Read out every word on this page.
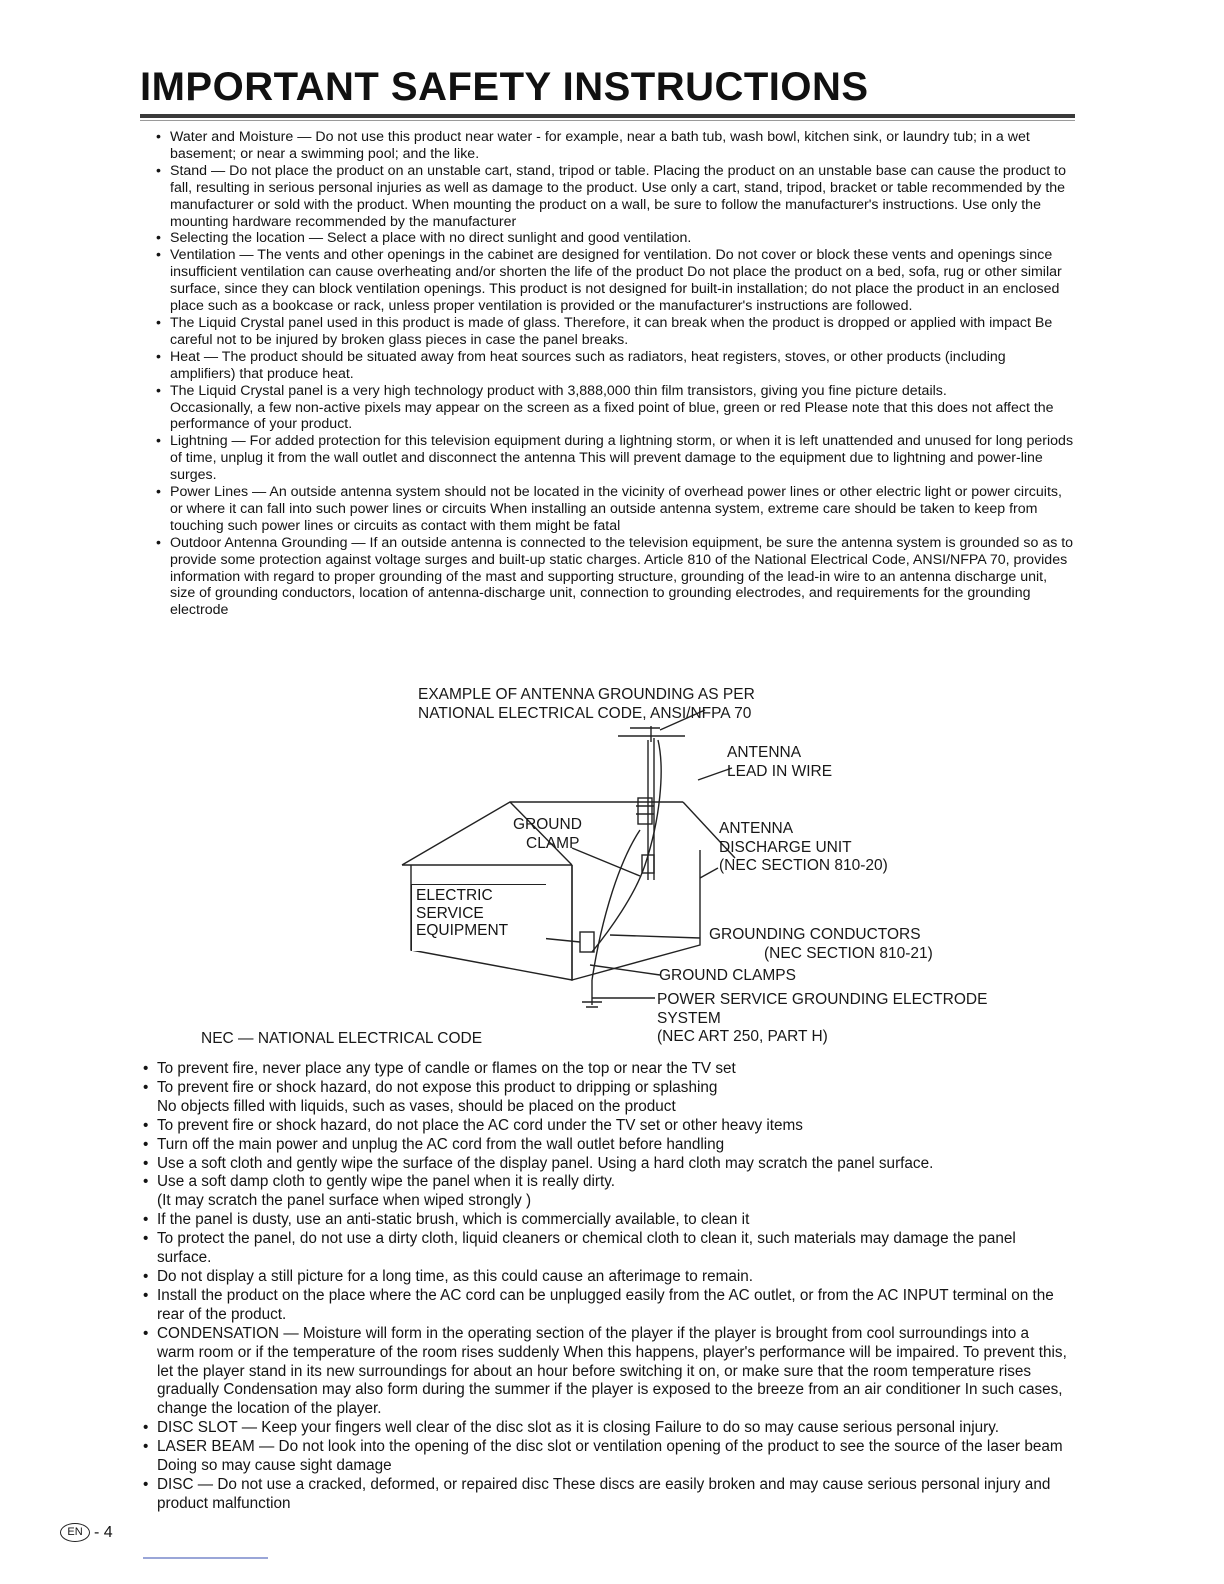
IMPORTANT SAFETY INSTRUCTIONS
• Water and Moisture — Do not use this product near water - for example, near a bath tub, wash bowl, kitchen sink, or laundry tub; in a wet basement; or near a swimming pool; and the like.
• Stand — Do not place the product on an unstable cart, stand, tripod or table. Placing the product on an unstable base can cause the product to fall, resulting in serious personal injuries as well as damage to the product. Use only a cart, stand, tripod, bracket or table recommended by the manufacturer or sold with the product. When mounting the product on a wall, be sure to follow the manufacturer's instructions. Use only the mounting hardware recommended by the manufacturer
• Selecting the location — Select a place with no direct sunlight and good ventilation.
• Ventilation — The vents and other openings in the cabinet are designed for ventilation. Do not cover or block these vents and openings since insufficient ventilation can cause overheating and/or shorten the life of the product Do not place the product on a bed, sofa, rug or other similar surface, since they can block ventilation openings. This product is not designed for built-in installation; do not place the product in an enclosed place such as a bookcase or rack, unless proper ventilation is provided or the manufacturer's instructions are followed.
• The Liquid Crystal panel used in this product is made of glass. Therefore, it can break when the product is dropped or applied with impact Be careful not to be injured by broken glass pieces in case the panel breaks.
• Heat — The product should be situated away from heat sources such as radiators, heat registers, stoves, or other products (including amplifiers) that produce heat.
• The Liquid Crystal panel is a very high technology product with 3,888,000 thin film transistors, giving you fine picture details.
Occasionally, a few non-active pixels may appear on the screen as a fixed point of blue, green or red Please note that this does not affect the performance of your product.
• Lightning — For added protection for this television equipment during a lightning storm, or when it is left unattended and unused for long periods of time, unplug it from the wall outlet and disconnect the antenna This will prevent damage to the equipment due to lightning and power-line surges.
• Power Lines — An outside antenna system should not be located in the vicinity of overhead power lines or other electric light or power circuits, or where it can fall into such power lines or circuits When installing an outside antenna system, extreme care should be taken to keep from touching such power lines or circuits as contact with them might be fatal
• Outdoor Antenna Grounding — If an outside antenna is connected to the television equipment, be sure the antenna system is grounded so as to provide some protection against voltage surges and built-up static charges. Article 810 of the National Electrical Code, ANSI/NFPA 70, provides information with regard to proper grounding of the mast and supporting structure, grounding of the lead-in wire to an antenna discharge unit, size of grounding conductors, location of antenna-discharge unit, connection to grounding electrodes, and requirements for the grounding electrode
EXAMPLE OF ANTENNA GROUNDING AS PER
NATIONAL ELECTRICAL CODE, ANSI/NFPA 70
ANTENNA
LEAD IN WIRE
GROUND
CLAMP
ANTENNA
DISCHARGE UNIT
(NEC SECTION 810-20)
ELECTRIC
SERVICE
EQUIPMENT	GROUNDING CONDUCTORS
(NEC SECTION 810-21)
GROUND CLAMPS
POWER SERVICE GROUNDING ELECTRODE
SYSTEM
(NEC ART 250, PART H)
NEC — NATIONAL ELECTRICAL CODE
• To prevent fire, never place any type of candle or flames on the top or near the TV set
• To prevent fire or shock hazard, do not expose this product to dripping or splashing
No objects filled with liquids, such as vases, should be placed on the product
• To prevent fire or shock hazard, do not place the AC cord under the TV set or other heavy items
• Turn off the main power and unplug the AC cord from the wall outlet before handling
• Use a soft cloth and gently wipe the surface of the display panel. Using a hard cloth may scratch the panel surface.
• Use a soft damp cloth to gently wipe the panel when it is really dirty.
(It may scratch the panel surface when wiped strongly )
• If the panel is dusty, use an anti-static brush, which is commercially available, to clean it
• To protect the panel, do not use a dirty cloth, liquid cleaners or chemical cloth to clean it, such materials may damage the panel surface.
• Do not display a still picture for a long time, as this could cause an afterimage to remain.
• Install the product on the place where the AC cord can be unplugged easily from the AC outlet, or from the AC INPUT terminal on the rear of the product.
• CONDENSATION — Moisture will form in the operating section of the player if the player is brought from cool surroundings into a warm room or if the temperature of the room rises suddenly When this happens, player's performance will be impaired. To prevent this, let the player stand in its new surroundings for about an hour before switching it on, or make sure that the room temperature rises gradually Condensation may also form during the summer if the player is exposed to the breeze from an air conditioner In such cases, change the location of the player.
• DISC SLOT — Keep your fingers well clear of the disc slot as it is closing Failure to do so may cause serious personal injury.
• LASER BEAM — Do not look into the opening of the disc slot or ventilation opening of the product to see the source of the laser beam Doing so may cause sight damage
• DISC — Do not use a cracked, deformed, or repaired disc These discs are easily broken and may cause serious personal injury and product malfunction
EN - 4
